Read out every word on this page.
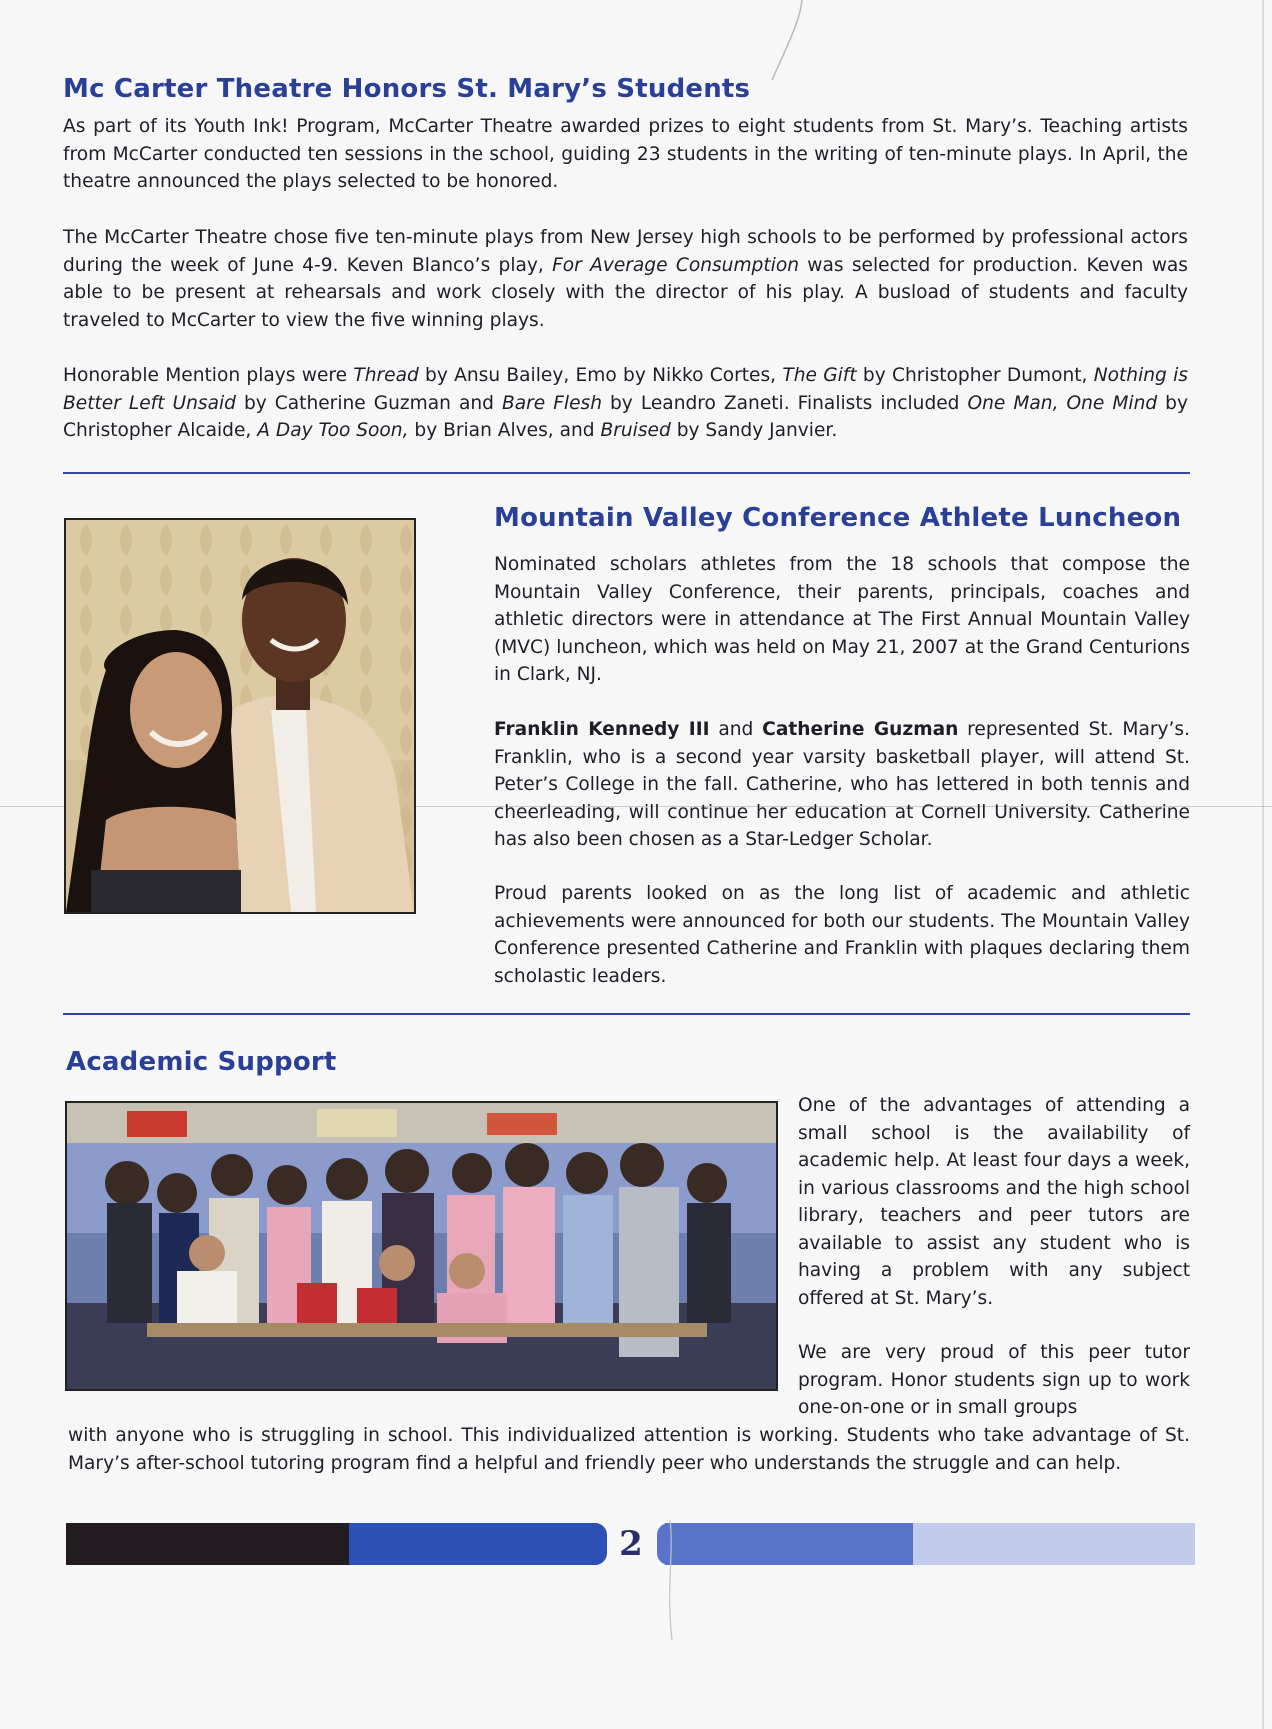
Mc Carter Theatre Honors St. Mary’s Students

As part of its Youth Ink! Program, McCarter Theatre awarded prizes to eight students from St. Mary’s. Teaching artists from McCarter conducted ten sessions in the school, guiding 23 students in the writing of ten-minute plays. In April, the theatre announced the plays selected to be honored.

The McCarter Theatre chose five ten-minute plays from New Jersey high schools to be performed by professional actors during the week of June 4-9. Keven Blanco’s play, For Average Consumption was selected for production. Keven was able to be present at rehearsals and work closely with the director of his play. A busload of students and faculty traveled to McCarter to view the five winning plays.

Honorable Mention plays were Thread by Ansu Bailey, Emo by Nikko Cortes, The Gift by Christopher Dumont, Nothing is Better Left Unsaid by Catherine Guzman and Bare Flesh by Leandro Zaneti. Finalists included One Man, One Mind by Christopher Alcaide, A Day Too Soon, by Brian Alves, and Bruised by Sandy Janvier.

Mountain Valley Conference Athlete Luncheon

Nominated scholars athletes from the 18 schools that compose the Mountain Valley Conference, their parents, principals, coaches and athletic directors were in attendance at The First Annual Mountain Valley (MVC) luncheon, which was held on May 21, 2007 at the Grand Centurions in Clark, NJ.

Franklin Kennedy III and Catherine Guzman represented St. Mary’s. Franklin, who is a second year varsity basketball player, will attend St. Peter’s College in the fall. Catherine, who has lettered in both tennis and cheerleading, will continue her education at Cornell University. Catherine has also been chosen as a Star-Ledger Scholar.

Proud parents looked on as the long list of academic and athletic achievements were announced for both our students. The Mountain Valley Conference presented Catherine and Franklin with plaques declaring them scholastic leaders.

Academic Support

One of the advantages of attending a small school is the availability of academic help. At least four days a week, in various classrooms and the high school library, teachers and peer tutors are available to assist any student who is having a problem with any subject offered at St. Mary’s.

We are very proud of this peer tutor program. Honor students sign up to work one-on-one or in small groups

with anyone who is struggling in school. This individualized attention is working. Students who take advantage of St. Mary’s after-school tutoring program find a helpful and friendly peer who understands the struggle and can help.

2
